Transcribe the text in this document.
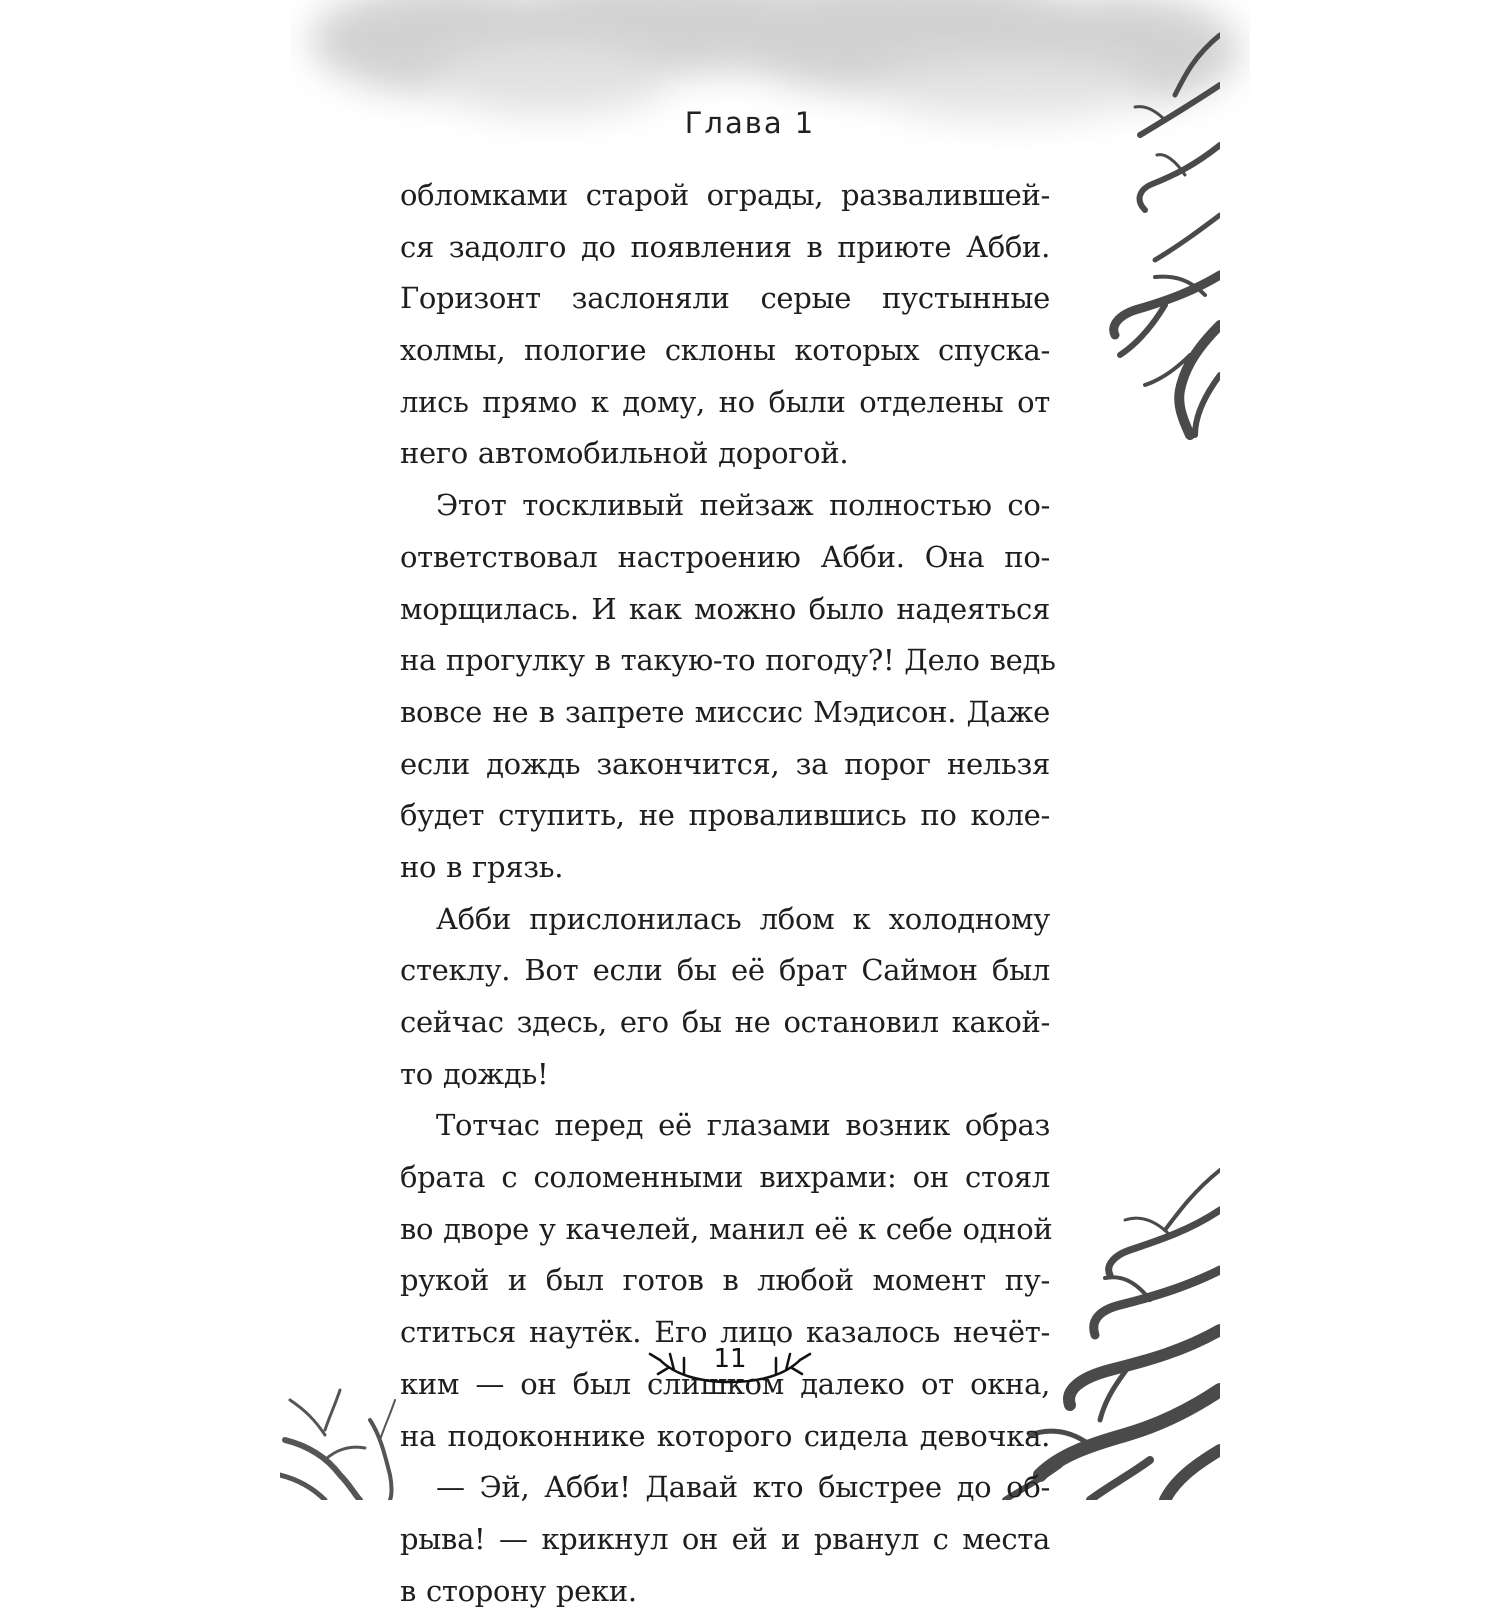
Глава 1
обломками старой ограды, развалившей-
ся задолго до появления в приюте Абби.
Горизонт заслоняли серые пустынные
холмы, пологие склоны которых спуска-
лись прямо к дому, но были отделены от
него автомобильной дорогой.
Этот тоскливый пейзаж полностью со-
ответствовал настроению Абби. Она по-
морщилась. И как можно было надеяться
на прогулку в такую-то погоду?! Дело ведь
вовсе не в запрете миссис Мэдисон. Даже
если дождь закончится, за порог нельзя
будет ступить, не провалившись по коле-
но в грязь.
Абби прислонилась лбом к холодному
стеклу. Вот если бы её брат Саймон был
сейчас здесь, его бы не остановил какой-
то дождь!
Тотчас перед её глазами возник образ
брата с соломенными вихрами: он стоял
во дворе у качелей, манил её к себе одной
рукой и был готов в любой момент пу-
ститься наутёк. Его лицо казалось нечёт-
ким — он был слишком далеко от окна,
на подоконнике которого сидела девочка.
— Эй, Абби! Давай кто быстрее до об-
рыва! — крикнул он ей и рванул с места
в сторону реки.
11
